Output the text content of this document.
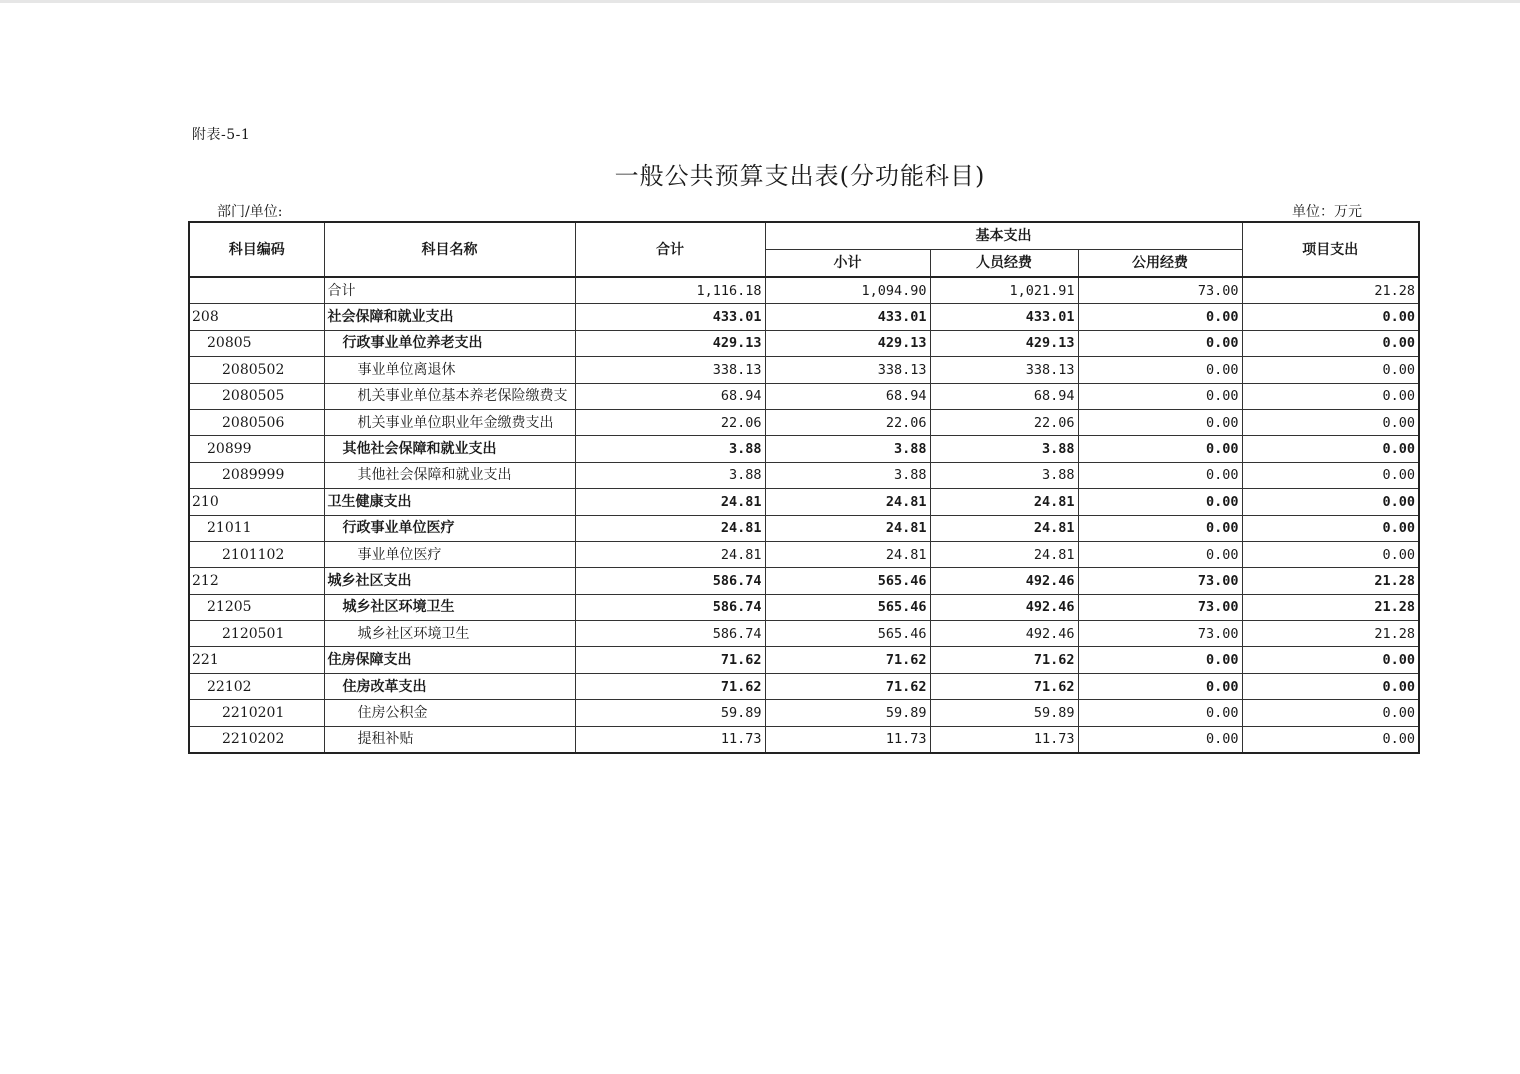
附表-5-1
一般公共预算支出表(分功能科目)
部门/单位:	单位：万元
科目编码	科目名称	合计	基本支出			项目支出
			小计	人员经费	公用经费	
	合计	1,116.18	1,094.90	1,021.91	73.00	21.28
208	社会保障和就业支出	433.01	433.01	433.01	0.00	0.00
20805	行政事业单位养老支出	429.13	429.13	429.13	0.00	0.00
2080502	事业单位离退休	338.13	338.13	338.13	0.00	0.00
2080505	机关事业单位基本养老保险缴费支	68.94	68.94	68.94	0.00	0.00
2080506	机关事业单位职业年金缴费支出	22.06	22.06	22.06	0.00	0.00
20899	其他社会保障和就业支出	3.88	3.88	3.88	0.00	0.00
2089999	其他社会保障和就业支出	3.88	3.88	3.88	0.00	0.00
210	卫生健康支出	24.81	24.81	24.81	0.00	0.00
21011	行政事业单位医疗	24.81	24.81	24.81	0.00	0.00
2101102	事业单位医疗	24.81	24.81	24.81	0.00	0.00
212	城乡社区支出	586.74	565.46	492.46	73.00	21.28
21205	城乡社区环境卫生	586.74	565.46	492.46	73.00	21.28
2120501	城乡社区环境卫生	586.74	565.46	492.46	73.00	21.28
221	住房保障支出	71.62	71.62	71.62	0.00	0.00
22102	住房改革支出	71.62	71.62	71.62	0.00	0.00
2210201	住房公积金	59.89	59.89	59.89	0.00	0.00
2210202	提租补贴	11.73	11.73	11.73	0.00	0.00
